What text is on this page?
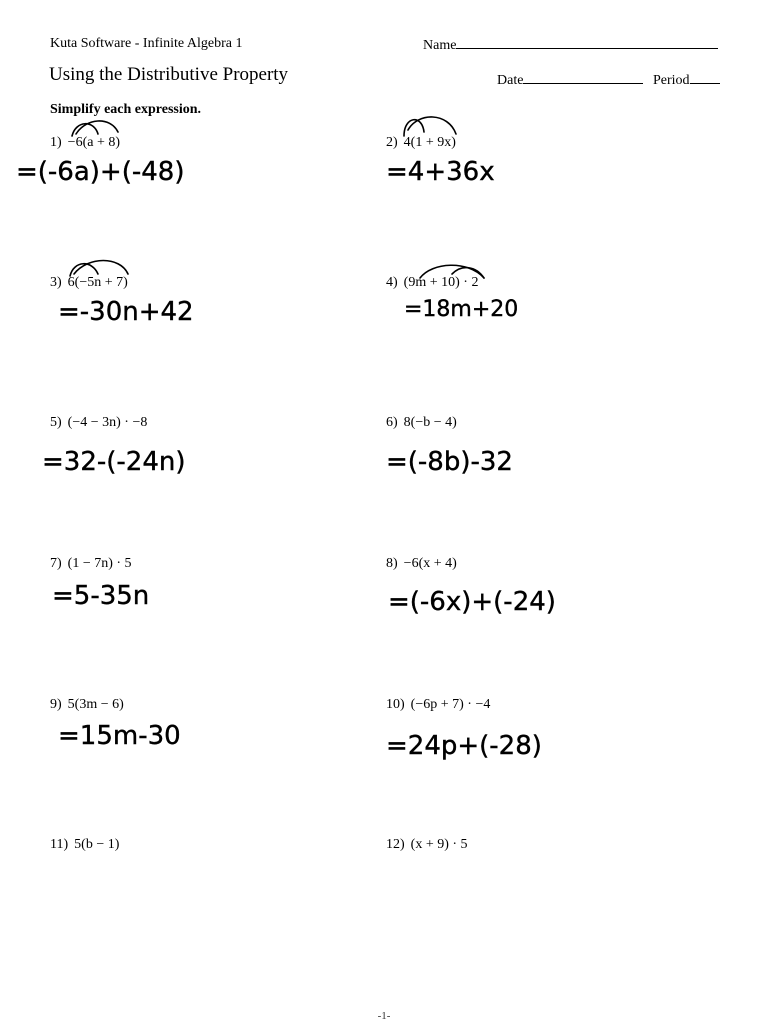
Kuta Software - Infinite Algebra 1
Using the Distributive Property
Simplify each expression.
Name
Date	Period
1) −6(a + 8)
3) 6(−5n + 7)
5) (−4 − 3n) · −8
7) (1 − 7n) · 5
9) 5(3m − 6)
11) 5(b − 1)
2) 4(1 + 9x)
4) (9m + 10) · 2
6) 8(−b − 4)
8) −6(x + 4)
10) (−6p + 7) · −4
12) (x + 9) · 5
=(-6a)+(-48)	=4+36x
=-30n+42	=18m+20
=32-(-24n)	=(-8b)-32
=5-35n	=(-6x)+(-24)
=15m-30	=24p+(-28)
-1-
